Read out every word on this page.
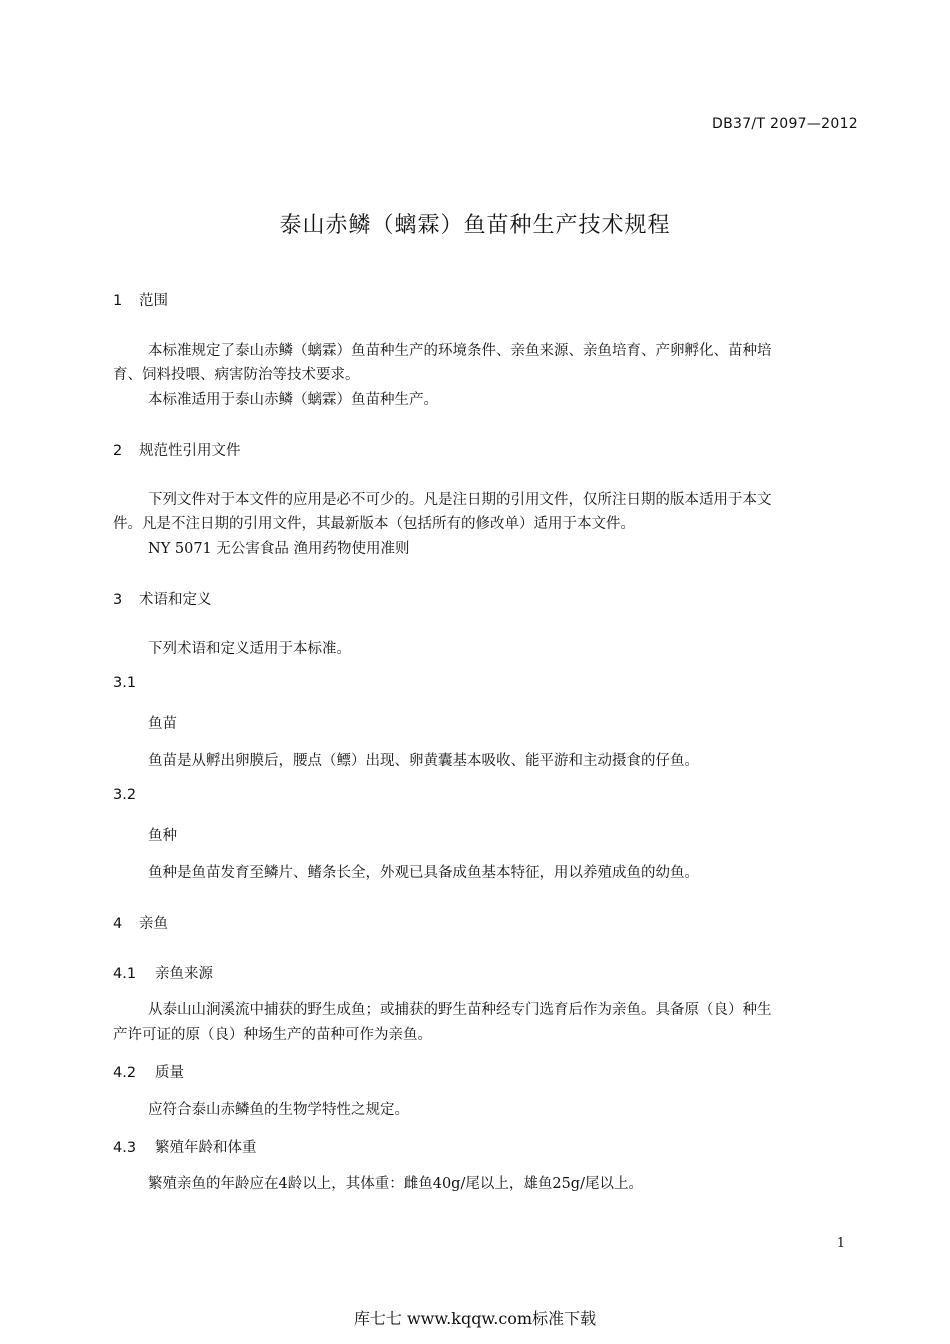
DB37/T 2097—2012
泰山赤鳞（螭霖）鱼苗种生产技术规程
1 范围
本标准规定了泰山赤鳞（螭霖）鱼苗种生产的环境条件、亲鱼来源、亲鱼培育、产卵孵化、苗种培
育、饲料投喂、病害防治等技术要求。
本标准适用于泰山赤鳞（螭霖）鱼苗种生产。
2 规范性引用文件
下列文件对于本文件的应用是必不可少的。凡是注日期的引用文件，仅所注日期的版本适用于本文
件。凡是不注日期的引用文件，其最新版本（包括所有的修改单）适用于本文件。
NY 5071 无公害食品 渔用药物使用准则
3 术语和定义
下列术语和定义适用于本标准。
3.1
鱼苗
鱼苗是从孵出卵膜后，腰点（鳔）出现、卵黄囊基本吸收、能平游和主动摄食的仔鱼。
3.2
鱼种
鱼种是鱼苗发育至鳞片、鳍条长全，外观已具备成鱼基本特征，用以养殖成鱼的幼鱼。
4 亲鱼
4.1 亲鱼来源
从泰山山涧溪流中捕获的野生成鱼；或捕获的野生苗种经专门选育后作为亲鱼。具备原（良）种生
产许可证的原（良）种场生产的苗种可作为亲鱼。
4.2 质量
应符合泰山赤鳞鱼的生物学特性之规定。
4.3 繁殖年龄和体重
繁殖亲鱼的年龄应在4龄以上，其体重：雌鱼40g/尾以上，雄鱼25g/尾以上。
1
库七七 www.kqqw.com标准下载
